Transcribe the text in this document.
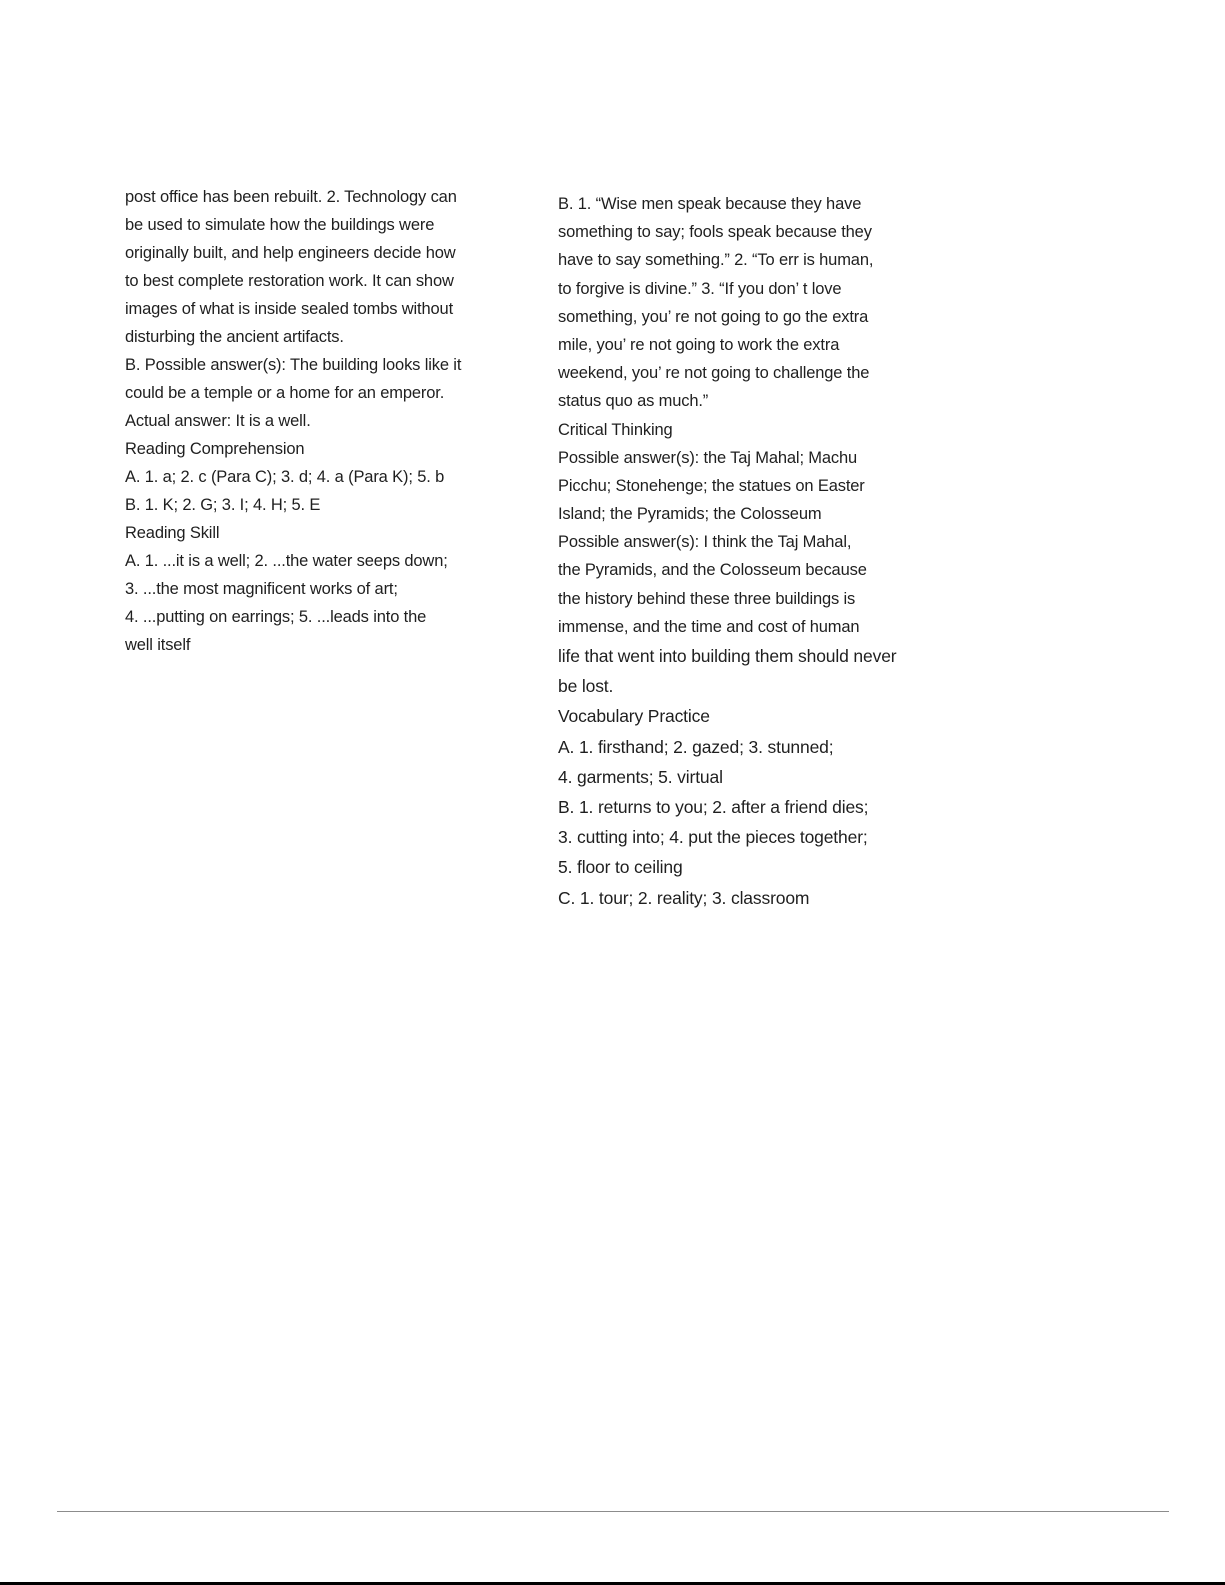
post office has been rebuilt. 2. Technology can
be used to simulate how the buildings were
originally built, and help engineers decide how
to best complete restoration work. It can show
images of what is inside sealed tombs without
disturbing the ancient artifacts.
B. Possible answer(s): The building looks like it
could be a temple or a home for an emperor.
Actual answer: It is a well.
Reading Comprehension
A. 1. a; 2. c (Para C); 3. d; 4. a (Para K); 5. b
B. 1. K; 2. G; 3. I; 4. H; 5. E
Reading Skill
A. 1. ...it is a well; 2. ...the water seeps down;
3. ...the most magnificent works of art;
4. ...putting on earrings; 5. ...leads into the
well itself
B. 1. “Wise men speak because they have
something to say; fools speak because they
have to say something.” 2. “To err is human,
to forgive is divine.” 3. “If you don’ t love
something, you’ re not going to go the extra
mile, you’ re not going to work the extra
weekend, you’ re not going to challenge the
status quo as much.”
Critical Thinking
Possible answer(s): the Taj Mahal; Machu
Picchu; Stonehenge; the statues on Easter
Island; the Pyramids; the Colosseum
Possible answer(s): I think the Taj Mahal,
the Pyramids, and the Colosseum because
the history behind these three buildings is
immense, and the time and cost of human
life that went into building them should never
be lost.
Vocabulary Practice
A. 1. firsthand; 2. gazed; 3. stunned;
4. garments; 5. virtual
B. 1. returns to you; 2. after a friend dies;
3. cutting into; 4. put the pieces together;
5. floor to ceiling
C. 1. tour; 2. reality; 3. classroom
